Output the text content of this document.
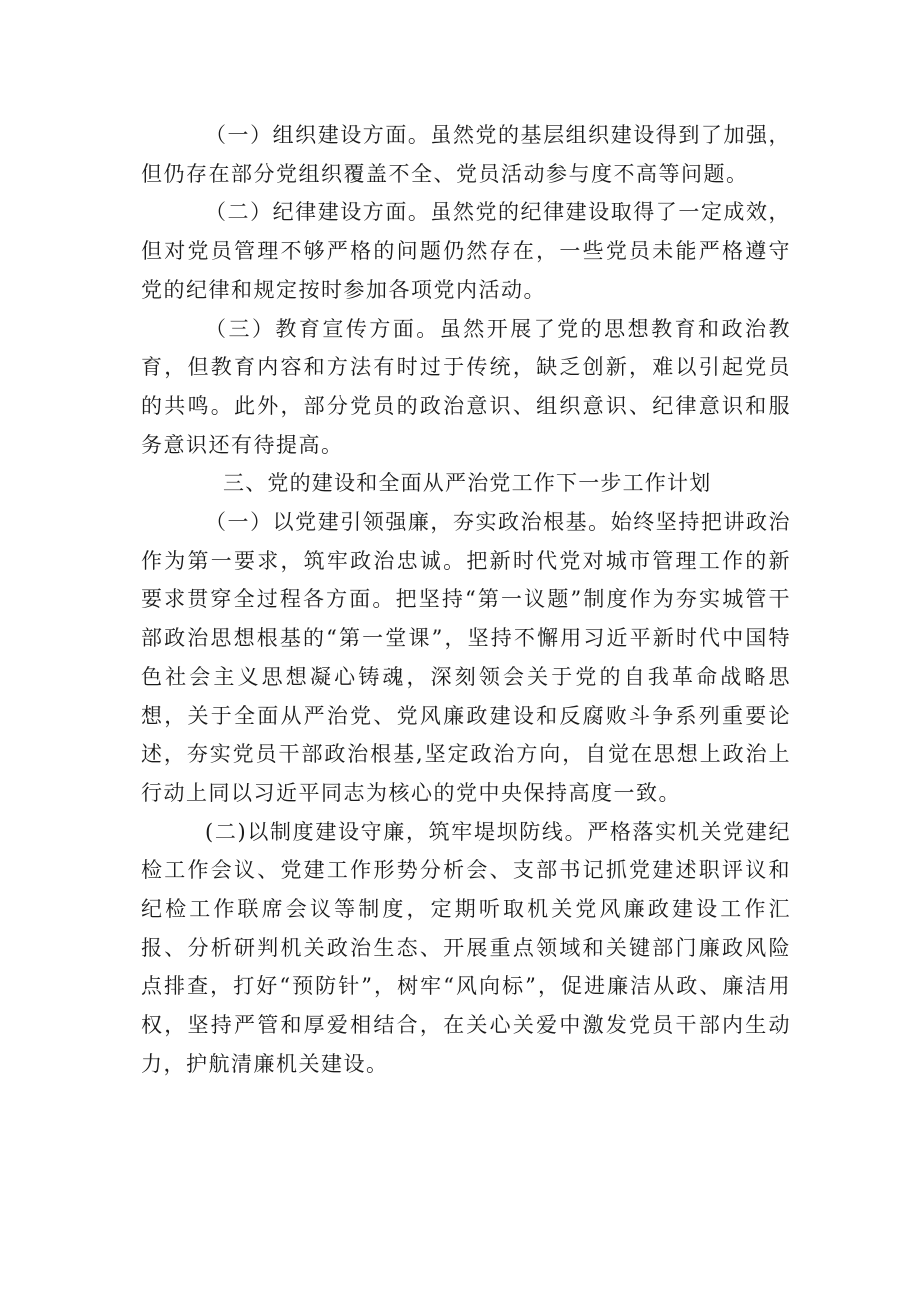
（一）组织建设方面。虽然党的基层组织建设得到了加强，但仍存在部分党组织覆盖不全、党员活动参与度不高等问题。

（二）纪律建设方面。虽然党的纪律建设取得了一定成效，但对党员管理不够严格的问题仍然存在，一些党员未能严格遵守党的纪律和规定按时参加各项党内活动。

（三）教育宣传方面。虽然开展了党的思想教育和政治教育，但教育内容和方法有时过于传统，缺乏创新，难以引起党员的共鸣。此外，部分党员的政治意识、组织意识、纪律意识和服务意识还有待提高。

三、党的建设和全面从严治党工作下一步工作计划

（一）以党建引领强廉，夯实政治根基。始终坚持把讲政治作为第一要求，筑牢政治忠诚。把新时代党对城市管理工作的新要求贯穿全过程各方面。把坚持“第一议题”制度作为夯实城管干部政治思想根基的“第一堂课”，坚持不懈用习近平新时代中国特色社会主义思想凝心铸魂，深刻领会关于党的自我革命战略思想，关于全面从严治党、党风廉政建设和反腐败斗争系列重要论述，夯实党员干部政治根基,坚定政治方向，自觉在思想上政治上行动上同以习近平同志为核心的党中央保持高度一致。

(二)以制度建设守廉，筑牢堤坝防线。严格落实机关党建纪检工作会议、党建工作形势分析会、支部书记抓党建述职评议和纪检工作联席会议等制度，定期听取机关党风廉政建设工作汇报、分析研判机关政治生态、开展重点领域和关键部门廉政风险点排查，打好“预防针”，树牢“风向标”，促进廉洁从政、廉洁用权，坚持严管和厚爱相结合，在关心关爱中激发党员干部内生动力，护航清廉机关建设。
